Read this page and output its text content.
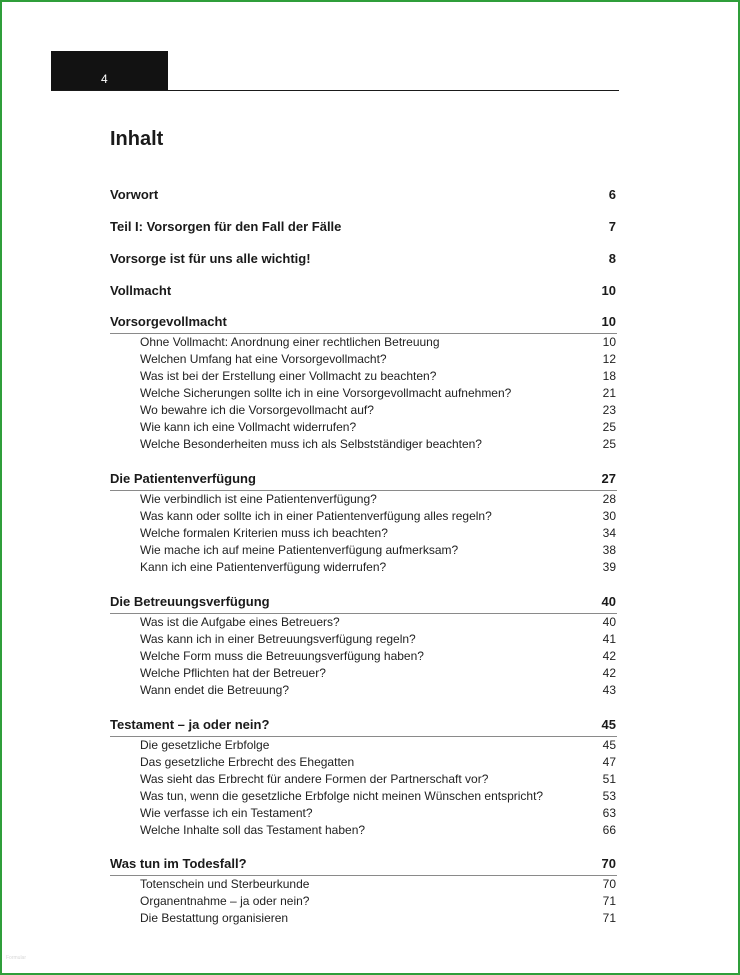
4
Inhalt
Vorwort	6
Teil I: Vorsorgen für den Fall der Fälle	7
Vorsorge ist für uns alle wichtig!	8
Vollmacht	10
Vorsorgevollmacht	10
Ohne Vollmacht: Anordnung einer rechtlichen Betreuung	10
Welchen Umfang hat eine Vorsorgevollmacht?	12
Was ist bei der Erstellung einer Vollmacht zu beachten?	18
Welche Sicherungen sollte ich in eine Vorsorgevollmacht aufnehmen?	21
Wo bewahre ich die Vorsorgevollmacht auf?	23
Wie kann ich eine Vollmacht widerrufen?	25
Welche Besonderheiten muss ich als Selbstständiger beachten?	25
Die Patientenverfügung	27
Wie verbindlich ist eine Patientenverfügung?	28
Was kann oder sollte ich in einer Patientenverfügung alles regeln?	30
Welche formalen Kriterien muss ich beachten?	34
Wie mache ich auf meine Patientenverfügung aufmerksam?	38
Kann ich eine Patientenverfügung widerrufen?	39
Die Betreuungsverfügung	40
Was ist die Aufgabe eines Betreuers?	40
Was kann ich in einer Betreuungsverfügung regeln?	41
Welche Form muss die Betreuungsverfügung haben?	42
Welche Pflichten hat der Betreuer?	42
Wann endet die Betreuung?	43
Testament – ja oder nein?	45
Die gesetzliche Erbfolge	45
Das gesetzliche Erbrecht des Ehegatten	47
Was sieht das Erbrecht für andere Formen der Partnerschaft vor?	51
Was tun, wenn die gesetzliche Erbfolge nicht meinen Wünschen entspricht?	53
Wie verfasse ich ein Testament?	63
Welche Inhalte soll das Testament haben?	66
Was tun im Todesfall?	70
Totenschein und Sterbeurkunde	70
Organentnahme – ja oder nein?	71
Die Bestattung organisieren	71
Formular
